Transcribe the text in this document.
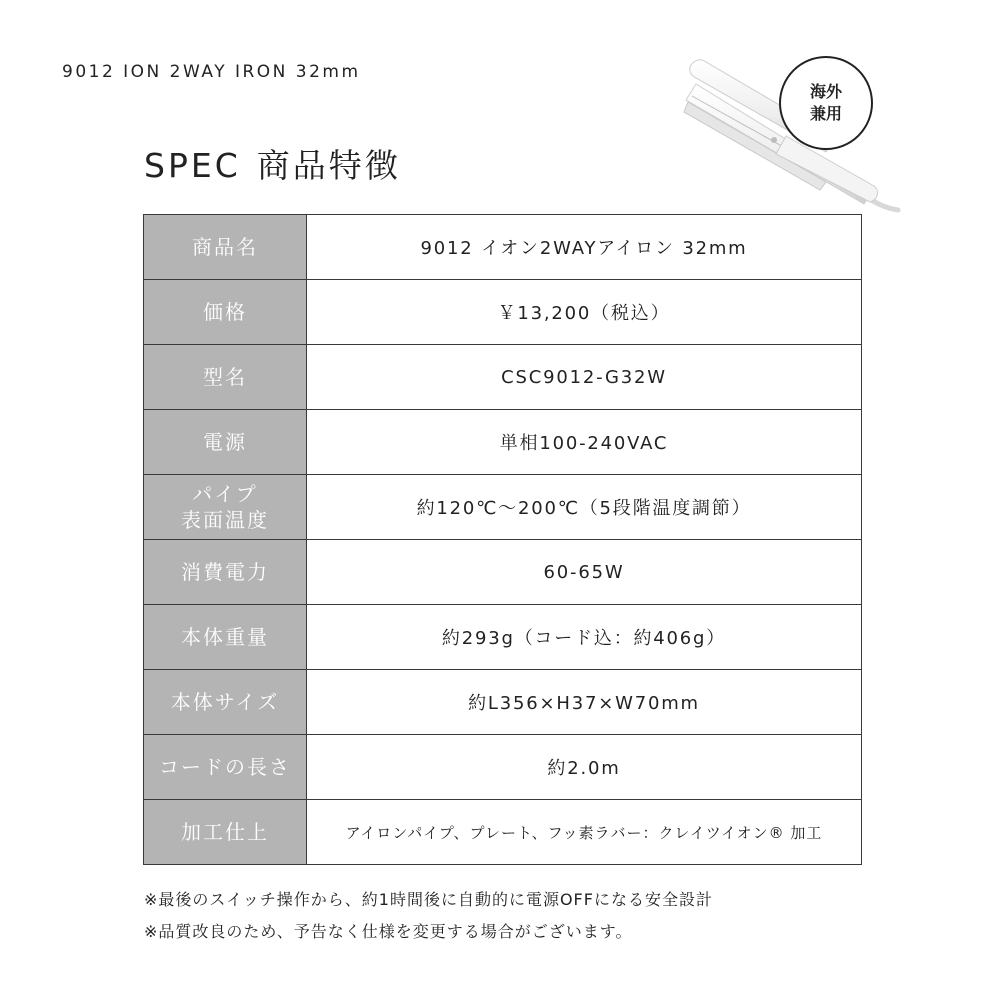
9012 ION 2WAY IRON 32mm
SPEC 商品特徴
海外
兼用
商品名	9012 イオン2WAYアイロン 32mm
価格	￥13,200（税込）
型名	CSC9012-G32W
電源	単相100-240VAC
パイプ
表面温度	約120℃～200℃（5段階温度調節）
消費電力	60-65W
本体重量	約293g（コード込：約406g）
本体サイズ	約L356×H37×W70mm
コードの長さ	約2.0m
加工仕上	アイロンパイプ、プレート、フッ素ラバー：クレイツイオン® 加工
※最後のスイッチ操作から、約1時間後に自動的に電源OFFになる安全設計
※品質改良のため、予告なく仕様を変更する場合がございます。
